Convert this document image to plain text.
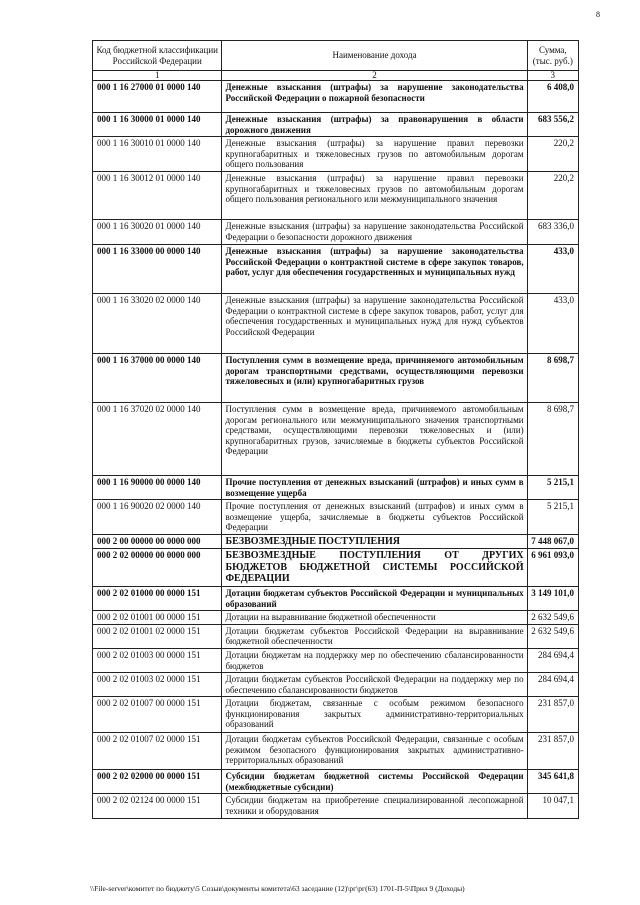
8
Код бюджетной классификации Российской Федерации	Наименование дохода	Сумма, (тыс. руб.)
1	2	3
000 1 16 27000 01 0000 140	Денежные взыскания (штрафы) за нарушение законодательства Российской Федерации о пожарной безопасности	6 408,0
000 1 16 30000 01 0000 140	Денежные взыскания (штрафы) за правонарушения в области дорожного движения	683 556,2
000 1 16 30010 01 0000 140	Денежные взыскания (штрафы) за нарушение правил перевозки крупногабаритных и тяжеловесных грузов по автомобильным дорогам общего пользования	220,2
000 1 16 30012 01 0000 140	Денежные взыскания (штрафы) за нарушение правил перевозки крупногабаритных и тяжеловесных грузов по автомобильным дорогам общего пользования регионального или межмуниципального значения	220,2
000 1 16 30020 01 0000 140	Денежные взыскания (штрафы) за нарушение законодательства Российской Федерации о безопасности дорожного движения	683 336,0
000 1 16 33000 00 0000 140	Денежные взыскания (штрафы) за нарушение законодательства Российской Федерации о контрактной системе в сфере закупок товаров, работ, услуг для обеспечения государственных и муниципальных нужд	433,0
000 1 16 33020 02 0000 140	Денежные взыскания (штрафы) за нарушение законодательства Российской Федерации о контрактной системе в сфере закупок товаров, работ, услуг для обеспечения государственных и муниципальных нужд для нужд субъектов Российской Федерации	433,0
000 1 16 37000 00 0000 140	Поступления сумм в возмещение вреда, причиняемого автомобильным дорогам транспортными средствами, осуществляющими перевозки тяжеловесных и (или) крупногабаритных грузов	8 698,7
000 1 16 37020 02 0000 140	Поступления сумм в возмещение вреда, причиняемого автомобильным дорогам регионального или межмуниципального значения транспортными средствами, осуществляющими перевозки тяжеловесных и (или) крупногабаритных грузов, зачисляемые в бюджеты субъектов Российской Федерации	8 698,7
000 1 16 90000 00 0000 140	Прочие поступления от денежных взысканий (штрафов) и иных сумм в возмещение ущерба	5 215,1
000 1 16 90020 02 0000 140	Прочие поступления от денежных взысканий (штрафов) и иных сумм в возмещение ущерба, зачисляемые в бюджеты субъектов Российской Федерации	5 215,1
000 2 00 00000 00 0000 000	БЕЗВОЗМЕЗДНЫЕ ПОСТУПЛЕНИЯ	7 448 067,0
000 2 02 00000 00 0000 000	БЕЗВОЗМЕЗДНЫЕ ПОСТУПЛЕНИЯ ОТ ДРУГИХ БЮДЖЕТОВ БЮДЖЕТНОЙ СИСТЕМЫ РОССИЙСКОЙ ФЕДЕРАЦИИ	6 961 093,0
000 2 02 01000 00 0000 151	Дотации бюджетам субъектов Российской Федерации и муниципальных образований	3 149 101,0
000 2 02 01001 00 0000 151	Дотации на выравнивание бюджетной обеспеченности	2 632 549,6
000 2 02 01001 02 0000 151	Дотации бюджетам субъектов Российской Федерации на выравнивание бюджетной обеспеченности	2 632 549,6
000 2 02 01003 00 0000 151	Дотации бюджетам на поддержку мер по обеспечению сбалансированности бюджетов	284 694,4
000 2 02 01003 02 0000 151	Дотации бюджетам субъектов Российской Федерации на поддержку мер по обеспечению сбалансированности бюджетов	284 694,4
000 2 02 01007 00 0000 151	Дотации бюджетам, связанные с особым режимом безопасного функционирования закрытых административно-территориальных образований	231 857,0
000 2 02 01007 02 0000 151	Дотации бюджетам субъектов Российской Федерации, связанные с особым режимом безопасного функционирования закрытых административно-территориальных образований	231 857,0
000 2 02 02000 00 0000 151	Субсидии бюджетам бюджетной системы Российской Федерации (межбюджетные субсидии)	345 641,8
000 2 02 02124 00 0000 151	Субсидии бюджетам на приобретение специализированной лесопожарной техники и оборудования	10 047,1
\\File-server\комитет по бюджету\5 Созыв\документы комитета\63 заседание (12)\рг\рг(63) 1701-П-5\Прил 9 (Доходы)
